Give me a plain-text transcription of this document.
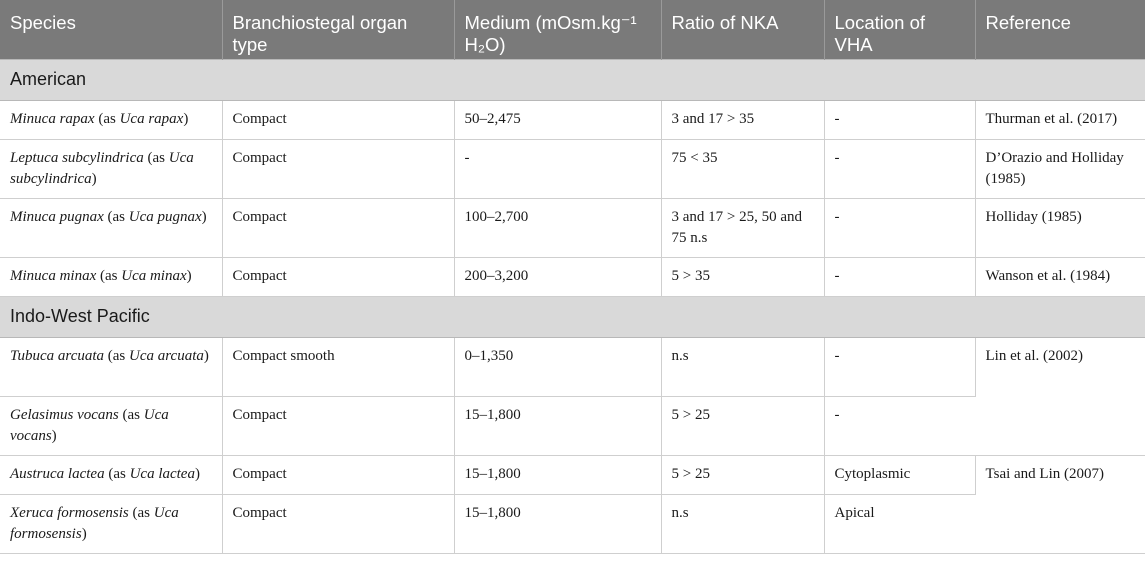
Species	Branchiostegal organ type	Medium (mOsm.kg⁻¹ H₂O)	Ratio of NKA	Location of VHA	Reference
American					
Minuca rapax (as Uca rapax)	Compact	50–2,475	3 and 17 > 35	-	Thurman et al. (2017)
Leptuca subcylindrica (as Uca subcylindrica)	Compact	-	75 < 35	-	D’Orazio and Holliday (1985)
Minuca pugnax (as Uca pugnax)	Compact	100–2,700	3 and 17 > 25, 50 and 75 n.s	-	Holliday (1985)
Minuca minax (as Uca minax)	Compact	200–3,200	5 > 35	-	Wanson et al. (1984)
Indo-West Pacific					
Tubuca arcuata (as Uca arcuata)	Compact smooth	0–1,350	n.s	-	Lin et al. (2002)
Gelasimus vocans (as Uca vocans)	Compact	15–1,800	5 > 25	-	
Austruca lactea (as Uca lactea)	Compact	15–1,800	5 > 25	Cytoplasmic	Tsai and Lin (2007)
Xeruca formosensis (as Uca formosensis)	Compact	15–1,800	n.s	Apical	
